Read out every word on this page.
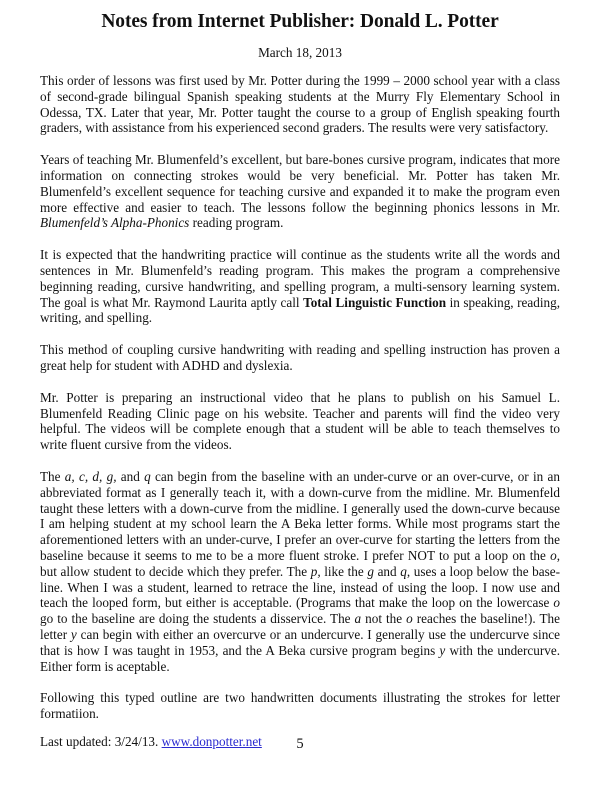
Notes from Internet Publisher: Donald L. Potter
March 18, 2013

This order of lessons was first used by Mr. Potter during the 1999 – 2000 school year with a class of second-grade bilingual Spanish speaking students at the Murry Fly Elementary School in Odessa, TX. Later that year, Mr. Potter taught the course to a group of English speaking fourth graders, with assistance from his experienced second graders. The results were very satisfactory.

Years of teaching Mr. Blumenfeld’s excellent, but bare-bones cursive program, indicates that more information on connecting strokes would be very beneficial. Mr. Potter has taken Mr. Blumenfeld’s excellent sequence for teaching cursive and expanded it to make the program even more effective and easier to teach. The lessons follow the beginning phonics lessons in Mr. Blumenfeld’s Alpha-Phonics reading program.

It is expected that the handwriting practice will continue as the students write all the words and sentences in Mr. Blumenfeld’s reading program. This makes the program a comprehensive beginning reading, cursive handwriting, and spelling program, a multi-sensory learning system. The goal is what Mr. Raymond Laurita aptly call Total Linguistic Function in speaking, reading, writing, and spelling.

This method of coupling cursive handwriting with reading and spelling instruction has proven a great help for student with ADHD and dyslexia.

Mr. Potter is preparing an instructional video that he plans to publish on his Samuel L. Blumenfeld Reading Clinic page on his website. Teacher and parents will find the video very helpful. The videos will be complete enough that a student will be able to teach themselves to write fluent cursive from the videos.

The a, c, d, g, and q can begin from the baseline with an under-curve or an over-curve, or in an abbreviated format as I generally teach it, with a down-curve from the midline. Mr. Blumenfeld taught these letters with a down-curve from the midline. I generally used the down-curve because I am helping student at my school learn the A Beka letter forms. While most programs start the aforementioned letters with an under-curve, I prefer an over-curve for starting the letters from the baseline because it seems to me to be a more fluent stroke. I prefer NOT to put a loop on the o, but allow student to decide which they prefer. The p, like the g and q, uses a loop below the base-line. When I was a student, learned to retrace the line, instead of using the loop. I now use and teach the looped form, but either is acceptable. (Programs that make the loop on the lowercase o go to the baseline are doing the students a disservice. The a not the o reaches the baseline!). The letter y can begin with either an overcurve or an undercurve. I generally use the undercurve since that is how I was taught in 1953, and the A Beka cursive program begins y with the undercurve. Either form is aceptable.

Following this typed outline are two handwritten documents illustrating the strokes for letter formatiion.

Last updated: 3/24/13. www.donpotter.net	5
